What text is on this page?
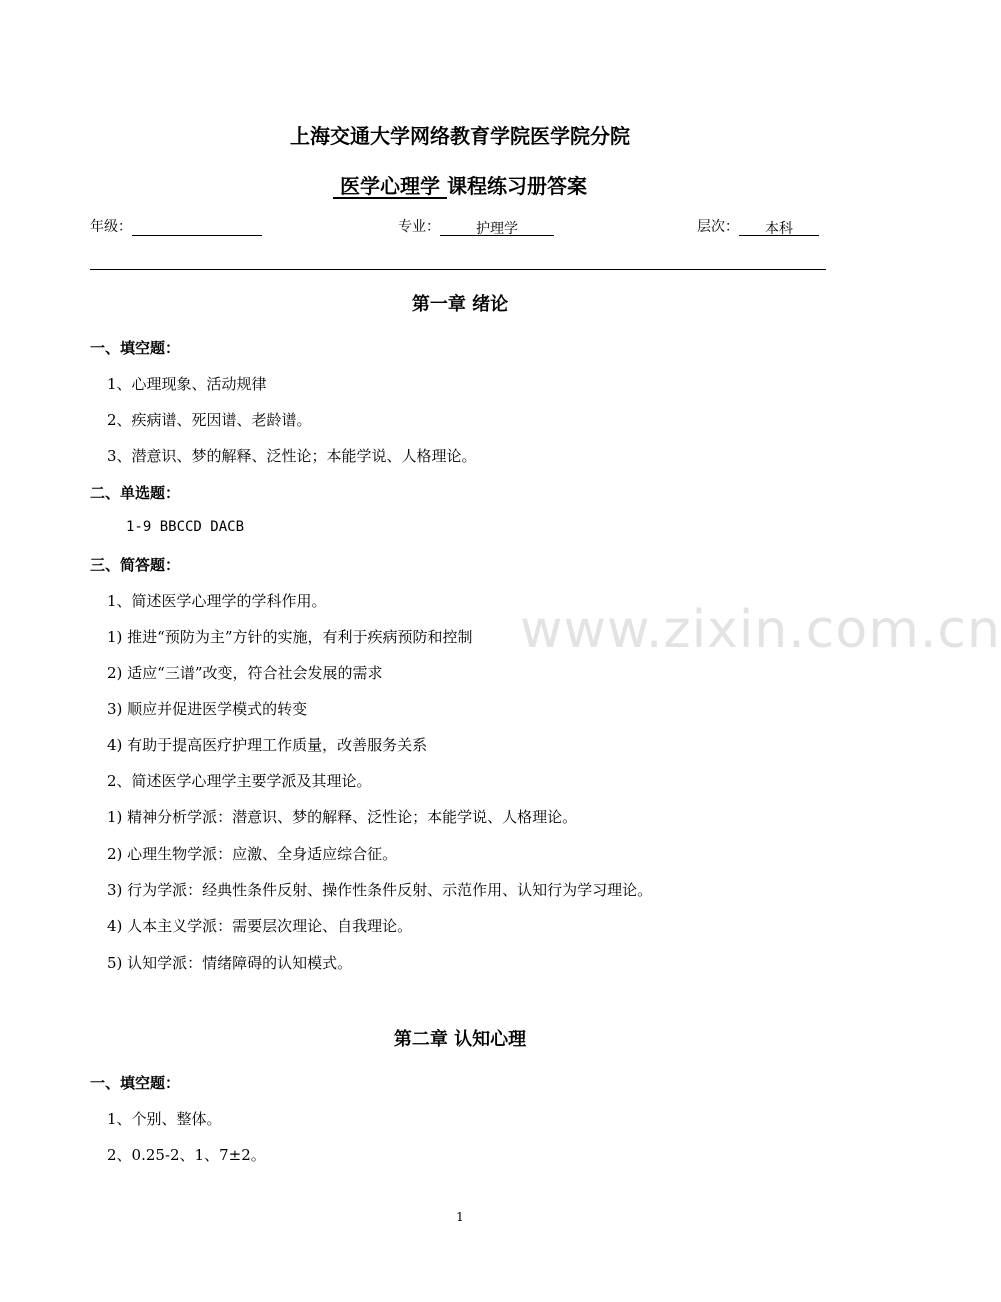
上海交通大学网络教育学院医学院分院
医学心理学 课程练习册答案
年级：	专业：	护理学	层次： 本科
第一章 绪论
一、填空题：
1、心理现象、活动规律
2、疾病谱、死因谱、老龄谱。
3、潜意识、梦的解释、泛性论；本能学说、人格理论。
二、单选题：
1-9 BBCCD DACB
三、简答题：
1、简述医学心理学的学科作用。
1) 推进“预防为主”方针的实施，有利于疾病预防和控制
2) 适应“三谱”改变，符合社会发展的需求
3) 顺应并促进医学模式的转变
4) 有助于提高医疗护理工作质量，改善服务关系
2、简述医学心理学主要学派及其理论。
1) 精神分析学派：潜意识、梦的解释、泛性论；本能学说、人格理论。
2) 心理生物学派：应激、全身适应综合征。
3) 行为学派：经典性条件反射、操作性条件反射、示范作用、认知行为学习理论。
4) 人本主义学派：需要层次理论、自我理论。
5) 认知学派：情绪障碍的认知模式。
第二章 认知心理
一、填空题：
1、个别、整体。
2、0.25-2、1、7±2。
www.zixin.com.cn
1
